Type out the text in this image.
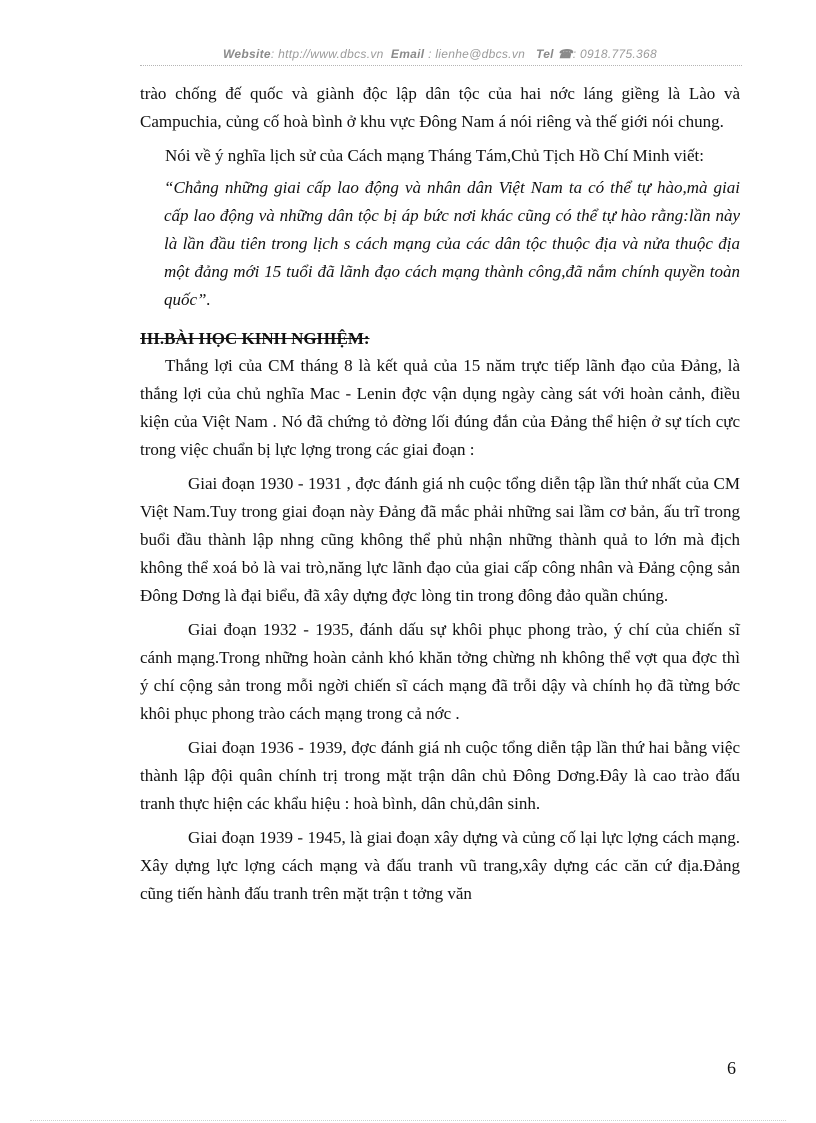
Website: http://www.dbcs.vn Email : lienhe@dbcs.vn Tel ☎: 0918.775.368

trào chống đế quốc và giành độc lập dân tộc của hai nớc láng giềng là Lào và Campuchia, củng cố hoà bình ở khu vực Đông Nam á nói riêng và thế giới nói chung.

Nói về ý nghĩa lịch sử của Cách mạng Tháng Tám,Chủ Tịch Hồ Chí Minh viết:

“Chẳng những giai cấp lao động và nhân dân Việt Nam ta có thể tự hào,mà giai cấp lao động và những dân tộc bị áp bức nơi khác cũng có thể tự hào rằng:lần này là lần đầu tiên trong lịch s cách mạng của các dân tộc thuộc địa và nửa thuộc địa một đảng mới 15 tuổi đã lãnh đạo cách mạng thành công,đã nắm chính quyền toàn quốc”.

III.BÀI HỌC KINH NGHIỆM:

Thắng lợi của CM tháng 8 là kết quả của 15 năm trực tiếp lãnh đạo của Đảng, là thắng lợi của chủ nghĩa Mac - Lenin đợc vận dụng ngày càng sát với hoàn cảnh, điều kiện của Việt Nam . Nó đã chứng tỏ đờng lối đúng đắn của Đảng thể hiện ở sự tích cực trong việc chuẩn bị lực lợng trong các giai đoạn :

Giai đoạn 1930 - 1931 , đợc đánh giá nh cuộc tổng diễn tập lần thứ nhất của CM Việt Nam.Tuy trong giai đoạn này Đảng đã mắc phải những sai lầm cơ bản, ấu trĩ trong buổi đầu thành lập nhng cũng không thể phủ nhận những thành quả to lớn mà địch không thể xoá bỏ là vai trò,năng lực lãnh đạo của giai cấp công nhân và Đảng cộng sản Đông Dơng là đại biểu, đã xây dựng đợc lòng tin trong đông đảo quần chúng.

Giai đoạn 1932 - 1935, đánh dấu sự khôi phục phong trào, ý chí của chiến sĩ cánh mạng.Trong những hoàn cảnh khó khăn tởng chừng nh không thể vợt qua đợc thì ý chí cộng sản trong mỗi ngời chiến sĩ cách mạng đã trỗi dậy và chính họ đã từng bớc khôi phục phong trào cách mạng trong cả nớc .

Giai đoạn 1936 - 1939, đợc đánh giá nh cuộc tổng diễn tập lần thứ hai bằng việc thành lập đội quân chính trị trong mặt trận dân chủ Đông Dơng.Đây là cao trào đấu tranh thực hiện các khẩu hiệu : hoà bình, dân chủ,dân sinh.

Giai đoạn 1939 - 1945, là giai đoạn xây dựng và củng cố lại lực lợng cách mạng. Xây dựng lực lợng cách mạng và đấu tranh vũ trang,xây dựng các căn cứ địa.Đảng cũng tiến hành đấu tranh trên mặt trận t tởng văn

6
